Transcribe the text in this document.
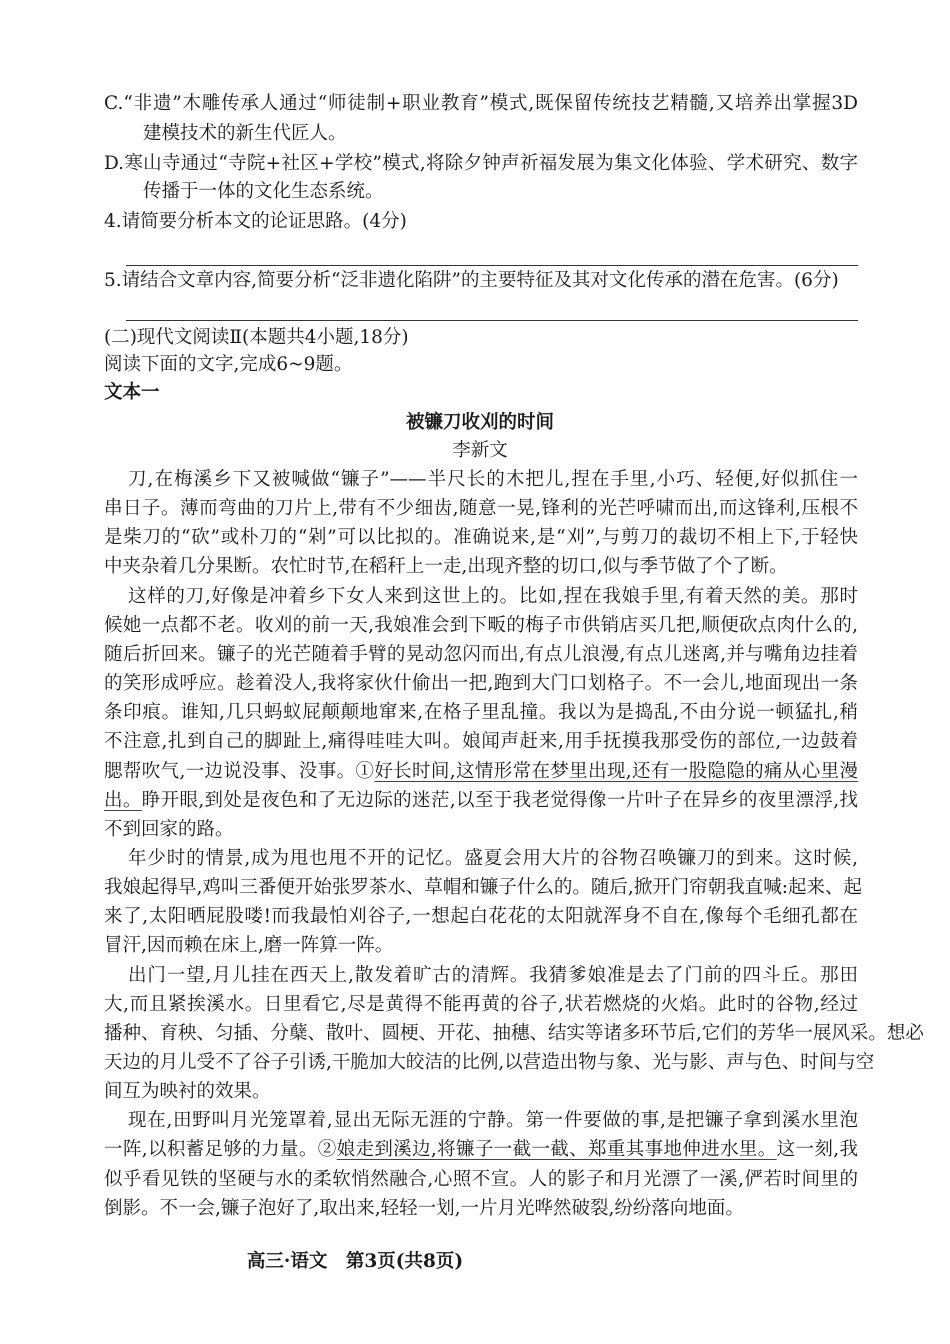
C.“非遗”木雕传承人通过“师徒制+职业教育”模式,既保留传统技艺精髓,又培养出掌握3D
建模技术的新生代匠人。
D.寒山寺通过“寺院+社区+学校”模式,将除夕钟声祈福发展为集文化体验、学术研究、数字
传播于一体的文化生态系统。
4.请简要分析本文的论证思路。(4分)
5.请结合文章内容,简要分析“泛非遗化陷阱”的主要特征及其对文化传承的潜在危害。(6分)
(二)现代文阅读Ⅱ(本题共4小题,18分)
阅读下面的文字,完成6~9题。
文本一
被镰刀收刈的时间
李新文
刀,在梅溪乡下又被喊做“镰子”——半尺长的木把儿,捏在手里,小巧、轻便,好似抓住一
串日子。薄而弯曲的刀片上,带有不少细齿,随意一晃,锋利的光芒呼啸而出,而这锋利,压根不
是柴刀的“砍”或朴刀的“剁”可以比拟的。准确说来,是“刈”,与剪刀的裁切不相上下,于轻快
中夹杂着几分果断。农忙时节,在稻秆上一走,出现齐整的切口,似与季节做了个了断。
这样的刀,好像是冲着乡下女人来到这世上的。比如,捏在我娘手里,有着天然的美。那时
候她一点都不老。收刈的前一天,我娘准会到下畈的梅子市供销店买几把,顺便砍点肉什么的,
随后折回来。镰子的光芒随着手臂的晃动忽闪而出,有点儿浪漫,有点儿迷离,并与嘴角边挂着
的笑形成呼应。趁着没人,我将家伙什偷出一把,跑到大门口划格子。不一会儿,地面现出一条
条印痕。谁知,几只蚂蚁屁颠颠地窜来,在格子里乱撞。我以为是捣乱,不由分说一顿猛扎,稍
不注意,扎到自己的脚趾上,痛得哇哇大叫。娘闻声赶来,用手抚摸我那受伤的部位,一边鼓着
腮帮吹气,一边说没事、没事。①好长时间,这情形常在梦里出现,还有一股隐隐的痛从心里漫
出。睁开眼,到处是夜色和了无边际的迷茫,以至于我老觉得像一片叶子在异乡的夜里漂浮,找
不到回家的路。
年少时的情景,成为甩也甩不开的记忆。盛夏会用大片的谷物召唤镰刀的到来。这时候,
我娘起得早,鸡叫三番便开始张罗茶水、草帽和镰子什么的。随后,掀开门帘朝我直喊:起来、起
来了,太阳晒屁股喽!而我最怕刈谷子,一想起白花花的太阳就浑身不自在,像每个毛细孔都在
冒汗,因而赖在床上,磨一阵算一阵。
出门一望,月儿挂在西天上,散发着旷古的清辉。我猜爹娘准是去了门前的四斗丘。那田
大,而且紧挨溪水。日里看它,尽是黄得不能再黄的谷子,状若燃烧的火焰。此时的谷物,经过
播种、育秧、匀插、分蘖、散叶、圆梗、开花、抽穗、结实等诸多环节后,它们的芳华一展风采。想必
天边的月儿受不了谷子引诱,干脆加大皎洁的比例,以营造出物与象、光与影、声与色、时间与空
间互为映衬的效果。
现在,田野叫月光笼罩着,显出无际无涯的宁静。第一件要做的事,是把镰子拿到溪水里泡
一阵,以积蓄足够的力量。②娘走到溪边,将镰子一截一截、郑重其事地伸进水里。这一刻,我
似乎看见铁的坚硬与水的柔软悄然融合,心照不宣。人的影子和月光漂了一溪,俨若时间里的
倒影。不一会,镰子泡好了,取出来,轻轻一划,一片月光哗然破裂,纷纷落向地面。
高三·语文　第3页(共8页)
